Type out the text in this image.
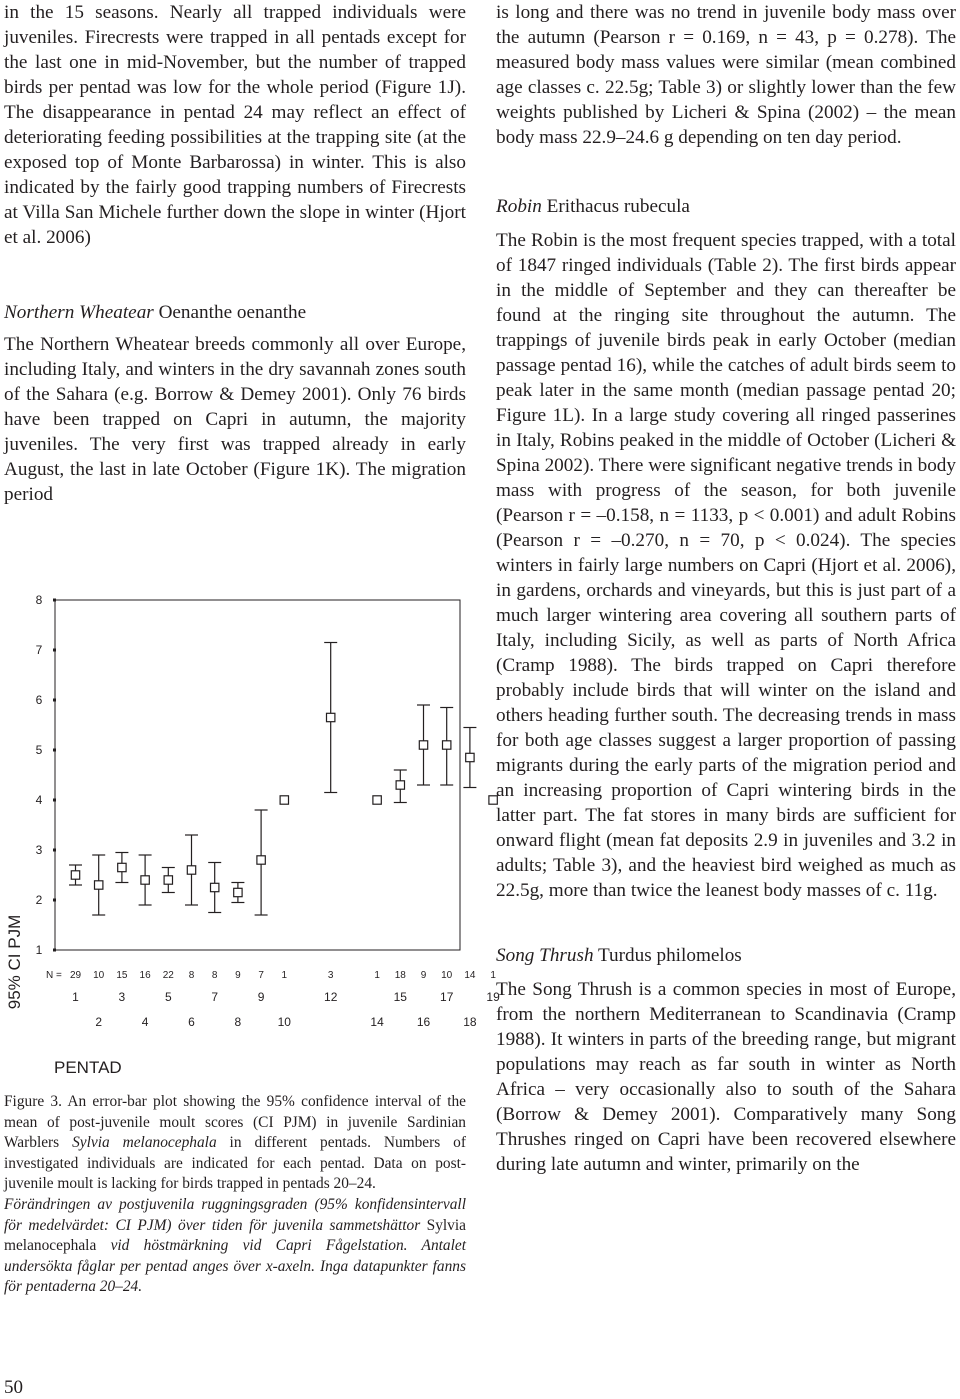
in the 15 seasons. Nearly all trapped individuals were juveniles. Firecrests were trapped in all pentads except for the last one in mid-November, but the number of trapped birds per pentad was low for the whole period (Figure 1J). The disappearance in pentad 24 may reflect an effect of deteriorating feeding possibilities at the trapping site (at the exposed top of Monte Barbarossa) in winter. This is also indicated by the fairly good trapping numbers of Firecrests at Villa San Michele further down the slope in winter (Hjort et al. 2006)

Northern Wheatear Oenanthe oenanthe

The Northern Wheatear breeds commonly all over Europe, including Italy, and winters in the dry savannah zones south of the Sahara (e.g. Borrow & Demey 2001). Only 76 birds have been trapped on Capri in autumn, the majority juveniles. The very first was trapped already in early August, the last in late October (Figure 1K). The migration period

1
2
3
4
5
6
7
8
29 10 15 16 22 8 8 9 7 1	3	1 18 9 10 14 1
1	3	5	7	9	12	15	17	19
2	4	6	8	10	14	16	18
95% CI PJM
PENTAD
N =

Figure 3. An error-bar plot showing the 95% confidence interval of the mean of post-juvenile moult scores (CI PJM) in juvenile Sardinian Warblers Sylvia melanocephala in different pentads. Numbers of investigated individuals are indicated for each pentad. Data on post-juvenile moult is lacking for birds trapped in pentads 20–24.

Förändringen av postjuvenila ruggningsgraden (95% konfidensintervall för medelvärdet: CI PJM) över tiden för juvenila sammetshättor Sylvia melanocephala vid höstmärkning vid Capri Fågelstation. Antalet undersökta fåglar per pentad anges över x-axeln. Inga datapunkter fanns för pentaderna 20–24.

50

is long and there was no trend in juvenile body mass over the autumn (Pearson r = 0.169, n = 43, p = 0.278). The measured body mass values were similar (mean combined age classes c. 22.5g; Table 3) or slightly lower than the few weights published by Licheri & Spina (2002) – the mean body mass 22.9–24.6 g depending on ten day period.

Robin Erithacus rubecula

The Robin is the most frequent species trapped, with a total of 1847 ringed individuals (Table 2). The first birds appear in the middle of September and they can thereafter be found at the ringing site throughout the autumn. The trappings of juvenile birds peak in early October (median passage pentad 16), while the catches of adult birds seem to peak later in the same month (median passage pentad 20; Figure 1L). In a large study covering all ringed passerines in Italy, Robins peaked in the middle of October (Licheri & Spina 2002). There were significant negative trends in body mass with progress of the season, for both juvenile (Pearson r = –0.158, n = 1133, p < 0.001) and adult Robins (Pearson r = –0.270, n = 70, p < 0.024). The species winters in fairly large numbers on Capri (Hjort et al. 2006), in gardens, orchards and vineyards, but this is just part of a much larger wintering area covering all southern parts of Italy, including Sicily, as well as parts of North Africa (Cramp 1988). The birds trapped on Capri therefore probably include birds that will winter on the island and others heading further south. The decreasing trends in mass for both age classes suggest a larger proportion of passing migrants during the early parts of the migration period and an increasing proportion of Capri wintering birds in the latter part. The fat stores in many birds are sufficient for onward flight (mean fat deposits 2.9 in juveniles and 3.2 in adults; Table 3), and the heaviest bird weighed as much as 22.5g, more than twice the leanest body masses of c. 11g.

Song Thrush Turdus philomelos

The Song Thrush is a common species in most of Europe, from the northern Mediterranean to Scandinavia (Cramp 1988). It winters in parts of the breeding range, but migrant populations may reach as far south in winter as North Africa – very occasionally also to south of the Sahara (Borrow & Demey 2001). Comparatively many Song Thrushes ringed on Capri have been recovered elsewhere during late autumn and winter, primarily on the
